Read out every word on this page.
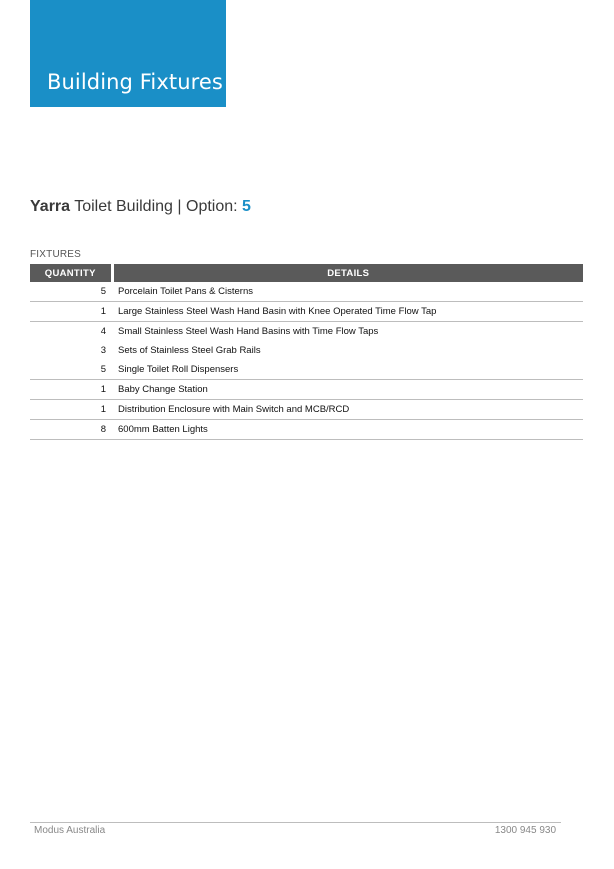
Building Fixtures
Yarra Toilet Building | Option: 5
FIXTURES
QUANTITY	DETAILS
5	Porcelain Toilet Pans & Cisterns
1	Large Stainless Steel Wash Hand Basin with Knee Operated Time Flow Tap
4	Small Stainless Steel Wash Hand Basins with Time Flow Taps
3	Sets of Stainless Steel Grab Rails
5	Single Toilet Roll Dispensers
1	Baby Change Station
1	Distribution Enclosure with Main Switch and MCB/RCD
8	600mm Batten Lights
Modus Australia	1300 945 930
